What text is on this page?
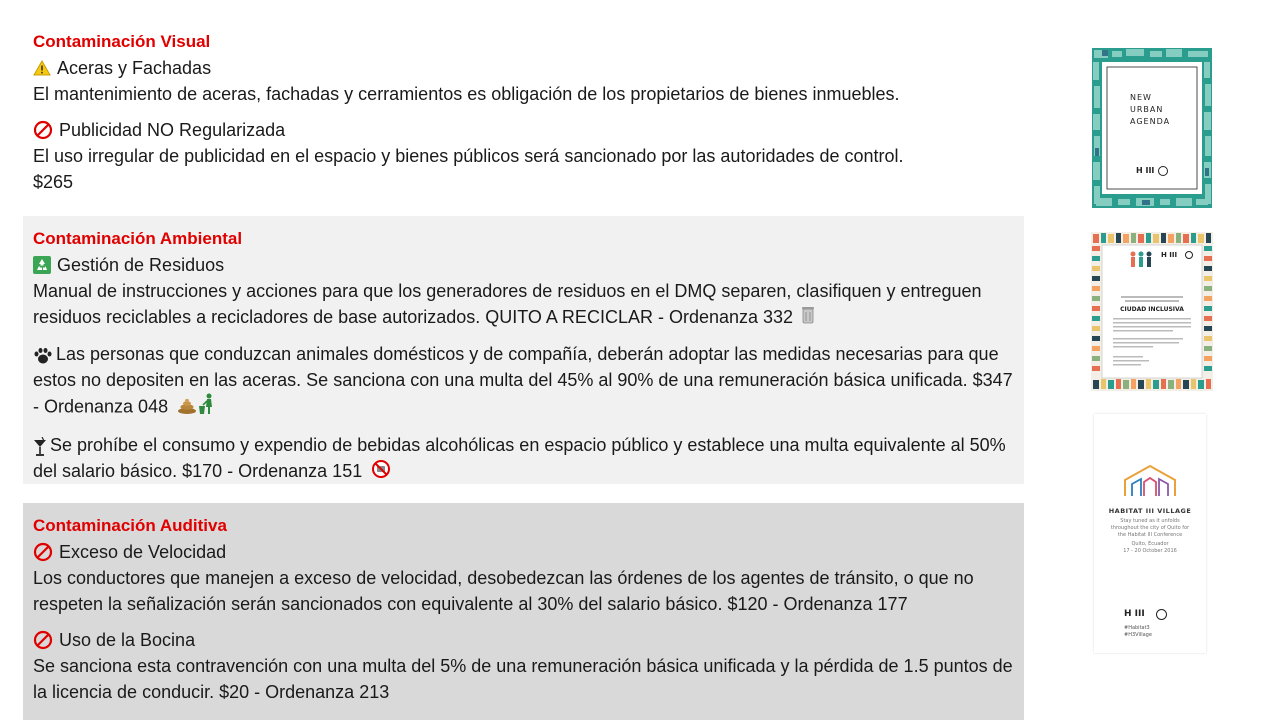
Contaminación Visual
Aceras y Fachadas
El mantenimiento de aceras, fachadas y cerramientos es obligación de los propietarios de bienes inmuebles.
Publicidad NO Regularizada
El uso irregular de publicidad en el espacio y bienes públicos será sancionado por las autoridades de control.
$265
Contaminación Ambiental
Gestión de Residuos
Manual de instrucciones y acciones para que los generadores de residuos en el DMQ separen, clasifiquen y entreguen residuos reciclables a recicladores de base autorizados. QUITO A RECICLAR - Ordenanza 332
Las personas que conduzcan animales domésticos y de compañía, deberán adoptar las medidas necesarias para que estos no depositen en las aceras. Se sanciona con una multa del 45% al 90% de una remuneración básica unificada. $347 - Ordenanza 048
Se prohíbe el consumo y expendio de bebidas alcohólicas en espacio público y establece una multa equivalente al 50% del salario básico. $170 - Ordenanza 151
Contaminación Auditiva
Exceso de Velocidad
Los conductores que manejen a exceso de velocidad, desobedezcan las órdenes de los agentes de tránsito, o que no respeten la señalización serán sancionados con equivalente al 30% del salario básico. $120 - Ordenanza 177
Uso de la Bocina
Se sanciona esta contravención con una multa del 5% de una remuneración básica unificada y la pérdida de 1.5 puntos de la licencia de conducir. $20 - Ordenanza 213
NEW URBAN AGENDA
H III
H III
CIUDAD INCLUSIVA
HABITAT III VILLAGE
Stay tuned as it unfolds throughout the city of Quito for the Habitat III Conference
Quito, Ecuador
17 - 20 October 2016
H III
#Habitat3 #H3Village
